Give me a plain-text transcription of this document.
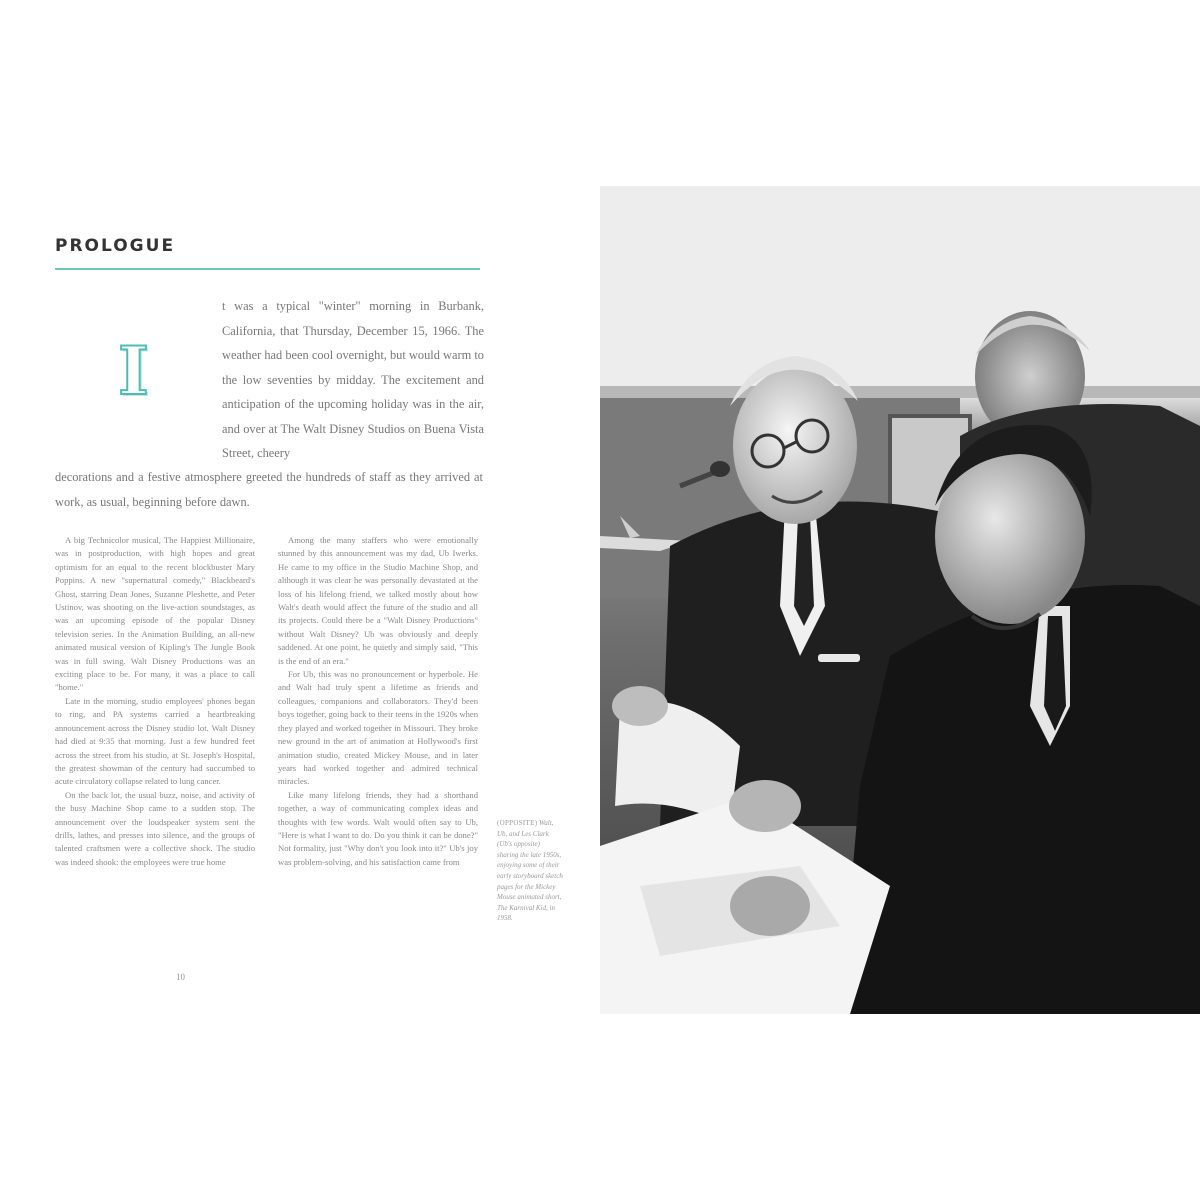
PROLOGUE
I

t was a typical "winter" morning in Burbank, California, that Thursday, December 15, 1966. The weather had been cool overnight, but would warm to the low seventies by midday. The excitement and anticipation of the upcoming holiday was in the air, and over at The Walt Disney Studios on Buena Vista Street, cheery

decorations and a festive atmosphere greeted the hundreds of staff as they arrived at work, as usual, beginning before dawn.

A big Technicolor musical, The Happiest Millionaire, was in postproduction, with high hopes and great optimism for an equal to the recent blockbuster Mary Poppins. A new "supernatural comedy," Blackbeard's Ghost, starring Dean Jones, Suzanne Pleshette, and Peter Ustinov, was shooting on the live-action soundstages, as was an upcoming episode of the popular Disney television series. In the Animation Building, an all-new animated musical version of Kipling's The Jungle Book was in full swing. Walt Disney Productions was an exciting place to be. For many, it was a place to call "home."

Late in the morning, studio employees' phones began to ring, and PA systems carried a heartbreaking announcement across the Disney studio lot. Walt Disney had died at 9:35 that morning. Just a few hundred feet across the street from his studio, at St. Joseph's Hospital, the greatest showman of the century had succumbed to acute circulatory collapse related to lung cancer.

On the back lot, the usual buzz, noise, and activity of the busy Machine Shop came to a sudden stop. The announcement over the loudspeaker system sent the drills, lathes, and presses into silence, and the groups of talented craftsmen were a collective shock. The studio was indeed shook: the employees were true home

Among the many staffers who were emotionally stunned by this announcement was my dad, Ub Iwerks. He came to my office in the Studio Machine Shop, and although it was clear he was personally devastated at the loss of his lifelong friend, we talked mostly about how Walt's death would affect the future of the studio and all its projects. Could there be a "Walt Disney Productions" without Walt Disney? Ub was obviously and deeply saddened. At one point, he quietly and simply said, "This is the end of an era."

For Ub, this was no pronouncement or hyperbole. He and Walt had truly spent a lifetime as friends and colleagues, companions and collaborators. They'd been boys together, going back to their teens in the 1920s when they played and worked together in Missouri. They broke new ground in the art of animation at Hollywood's first animation studio, created Mickey Mouse, and in later years had worked together and admired technical miracles.

Like many lifelong friends, they had a shorthand together, a way of communicating complex ideas and thoughts with few words. Walt would often say to Ub, "Here is what I want to do. Do you think it can be done?" Not formality, just "Why don't you look into it?" Ub's joy was problem-solving, and his satisfaction came from

10
(OPPOSITE) Walt, Ub, and Les Clark (Ub's opposite) sharing the late 1950s, enjoying some of their early storyboard sketch pages for the Mickey Mouse animated short, The Karnival Kid, in 1958.
